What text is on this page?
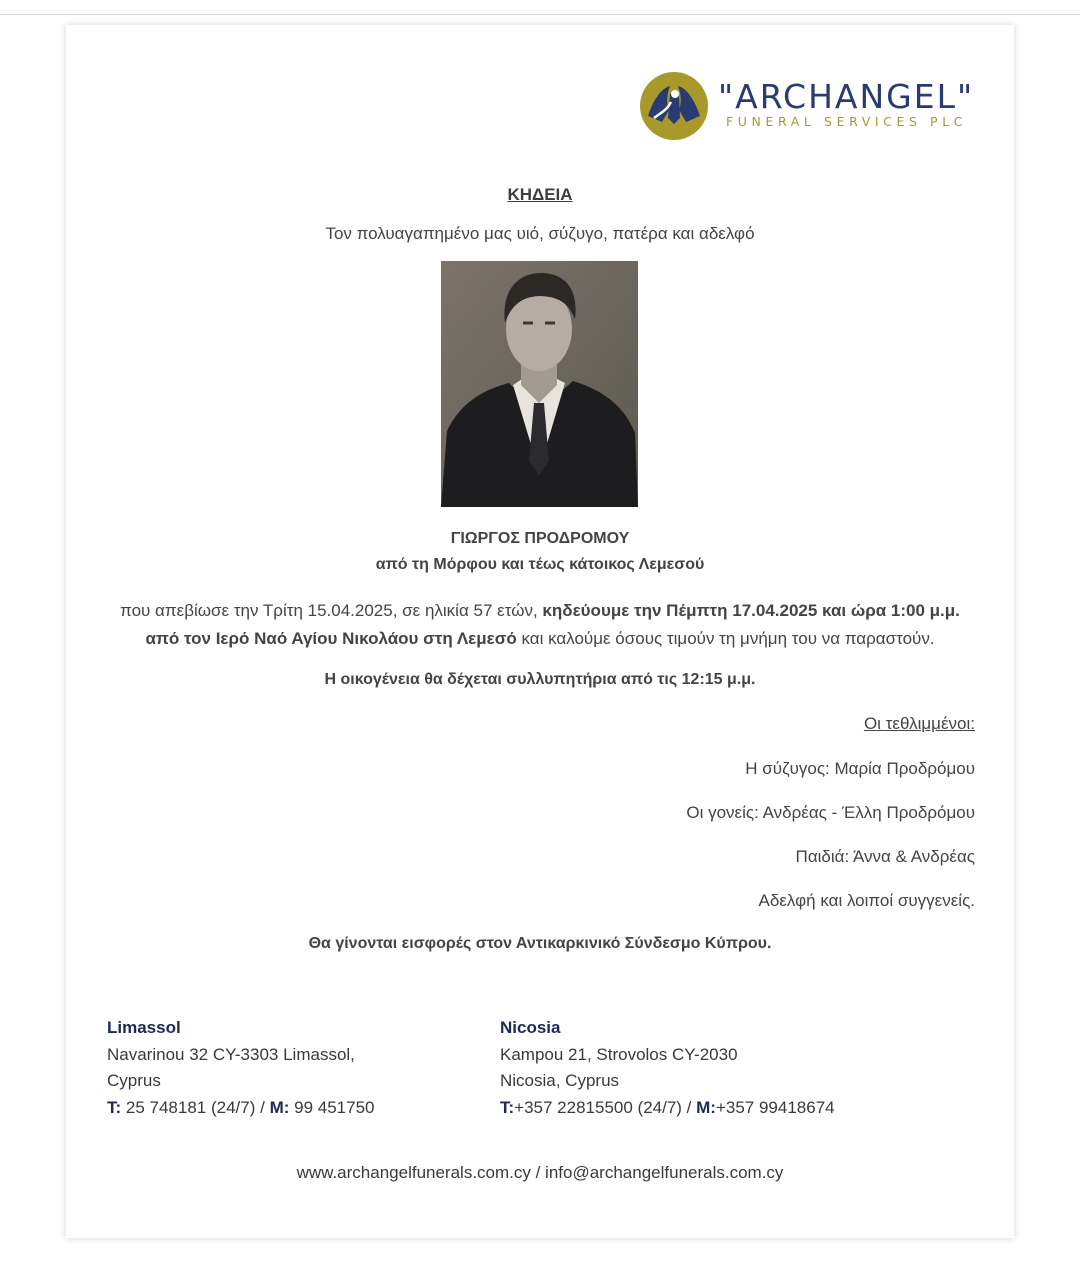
"ARCHANGEL"
FUNERAL SERVICES PLC
ΚΗΔΕΙΑ
Τον πολυαγαπημένο μας υιό, σύζυγο, πατέρα και αδελφό
ΓΙΩΡΓΟΣ ΠΡΟΔΡΟΜΟΥ
από τη Μόρφου και τέως κάτοικος Λεμεσού
που απεβίωσε την Τρίτη 15.04.2025, σε ηλικία 57 ετών, κηδεύουμε την Πέμπτη 17.04.2025 και ώρα 1:00 μ.μ. από τον Ιερό Ναό Αγίου Νικολάου στη Λεμεσό και καλούμε όσους τιμούν τη μνήμη του να παραστούν.
Η οικογένεια θα δέχεται συλλυπητήρια από τις 12:15 μ.μ.
Οι τεθλιμμένοι:
Η σύζυγος: Μαρία Προδρόμου
Οι γονείς: Ανδρέας - Έλλη Προδρόμου
Παιδιά: Άννα & Ανδρέας
Αδελφή και λοιποί συγγενείς.
Θα γίνονται εισφορές στον Αντικαρκινικό Σύνδεσμο Κύπρου.
Limassol
Navarinou 32 CY-3303 Limassol,
Cyprus
T: 25 748181 (24/7) / M: 99 451750
Nicosia
Kampou 21, Strovolos CY-2030
Nicosia, Cyprus
T:+357 22815500 (24/7) / M:+357 99418674
www.archangelfunerals.com.cy / info@archangelfunerals.com.cy
